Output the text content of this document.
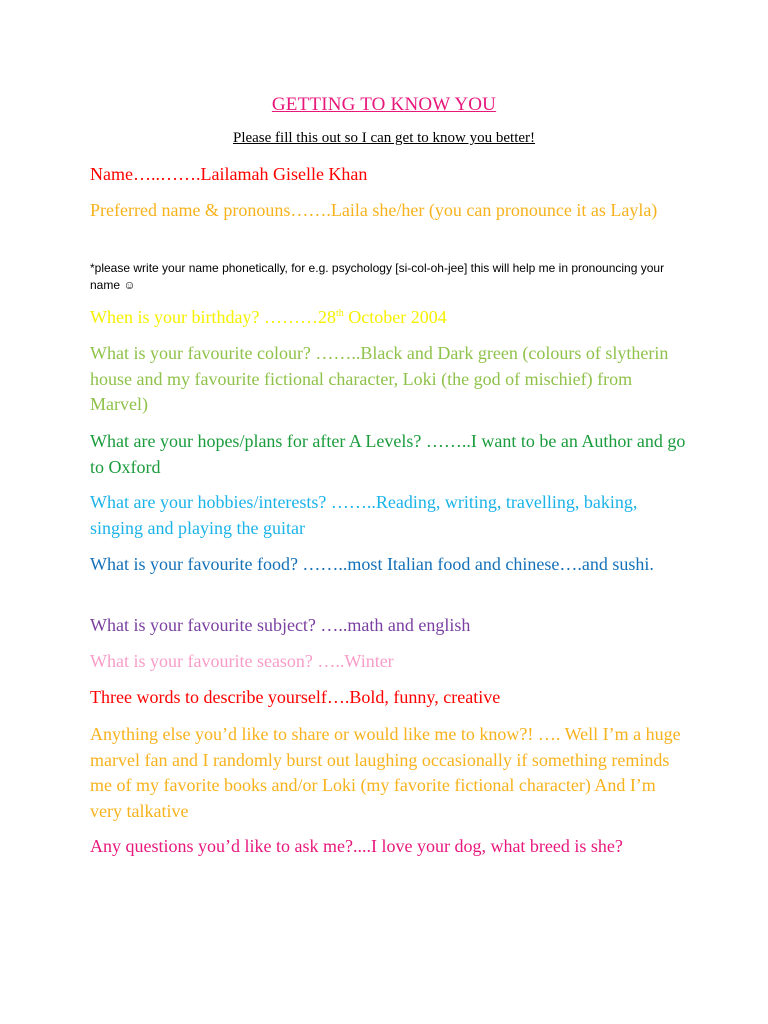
GETTING TO KNOW YOU
Please fill this out so I can get to know you better!

Name…..…….Lailamah Giselle Khan

Preferred name & pronouns…….Laila she/her (you can pronounce it as Layla)

*please write your name phonetically, for e.g. psychology [si-col-oh-jee] this will help me in pronouncing your name ☺

When is your birthday? ………28th October 2004

What is your favourite colour? ……..Black and Dark green (colours of slytherin house and my favourite fictional character, Loki (the god of mischief) from Marvel)

What are your hopes/plans for after A Levels? ……..I want to be an Author and go to Oxford

What are your hobbies/interests? ……..Reading, writing, travelling, baking, singing and playing the guitar

What is your favourite food? ……..most Italian food and chinese….and sushi.

What is your favourite subject? …..math and english

What is your favourite season? …..Winter

Three words to describe yourself….Bold, funny, creative

Anything else you’d like to share or would like me to know?! …. Well I’m a huge marvel fan and I randomly burst out laughing occasionally if something reminds me of my favorite books and/or Loki (my favorite fictional character) And I’m very talkative

Any questions you’d like to ask me?....I love your dog, what breed is she?
